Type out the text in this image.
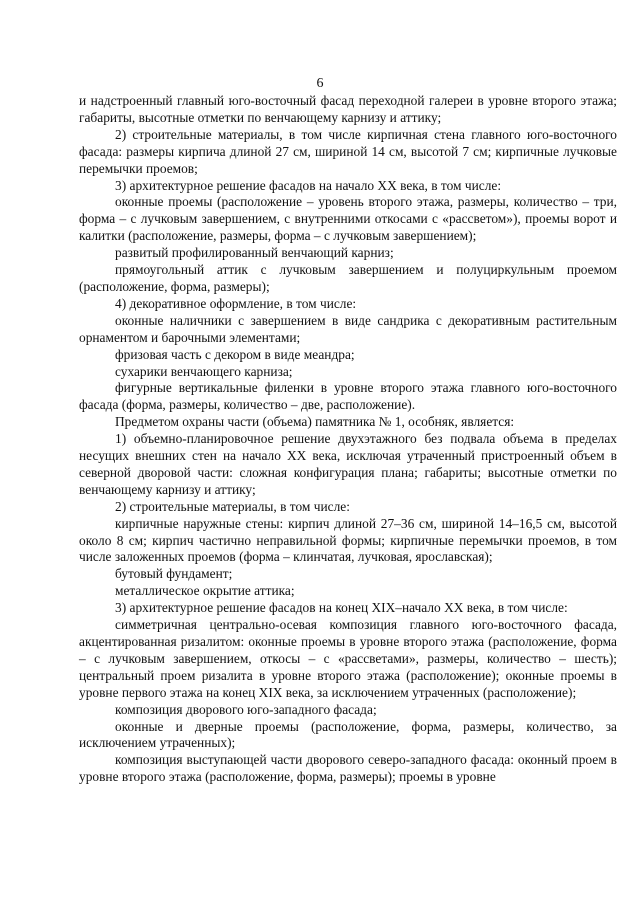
6

и надстроенный главный юго-восточный фасад переходной галереи в уровне второго этажа; габариты, высотные отметки по венчающему карнизу и аттику;

2) строительные материалы, в том числе кирпичная стена главного юго-восточного фасада: размеры кирпича длиной 27 см, шириной 14 см, высотой 7 см; кирпичные лучковые перемычки проемов;

3) архитектурное решение фасадов на начало XX века, в том числе:

оконные проемы (расположение – уровень второго этажа, размеры, количество – три, форма – с лучковым завершением, с внутренними откосами с «рассветом»), проемы ворот и калитки (расположение, размеры, форма – с лучковым завершением);

развитый профилированный венчающий карниз;

прямоугольный аттик с лучковым завершением и полуциркульным проемом (расположение, форма, размеры);

4) декоративное оформление, в том числе:

оконные наличники с завершением в виде сандрика с декоративным растительным орнаментом и барочными элементами;

фризовая часть с декором в виде меандра;

сухарики венчающего карниза;

фигурные вертикальные филенки в уровне второго этажа главного юго-восточного фасада (форма, размеры, количество – две, расположение).

Предметом охраны части (объема) памятника № 1, особняк, является:

1) объемно-планировочное решение двухэтажного без подвала объема в пределах несущих внешних стен на начало XX века, исключая утраченный пристроенный объем в северной дворовой части: сложная конфигурация плана; габариты; высотные отметки по венчающему карнизу и аттику;

2) строительные материалы, в том числе:

кирпичные наружные стены: кирпич длиной 27–36 см, шириной 14–16,5 см, высотой около 8 см; кирпич частично неправильной формы; кирпичные перемычки проемов, в том числе заложенных проемов (форма – клинчатая, лучковая, ярославская);

бутовый фундамент;

металлическое окрытие аттика;

3) архитектурное решение фасадов на конец XIX–начало XX века, в том числе:

симметричная центрально-осевая композиция главного юго-восточного фасада, акцентированная ризалитом: оконные проемы в уровне второго этажа (расположение, форма – с лучковым завершением, откосы – с «рассветами», размеры, количество – шесть); центральный проем ризалита в уровне второго этажа (расположение); оконные проемы в уровне первого этажа на конец XIX века, за исключением утраченных (расположение);

композиция дворового юго-западного фасада;

оконные и дверные проемы (расположение, форма, размеры, количество, за исключением утраченных);

композиция выступающей части дворового северо-западного фасада: оконный проем в уровне второго этажа (расположение, форма, размеры); проемы в уровне
